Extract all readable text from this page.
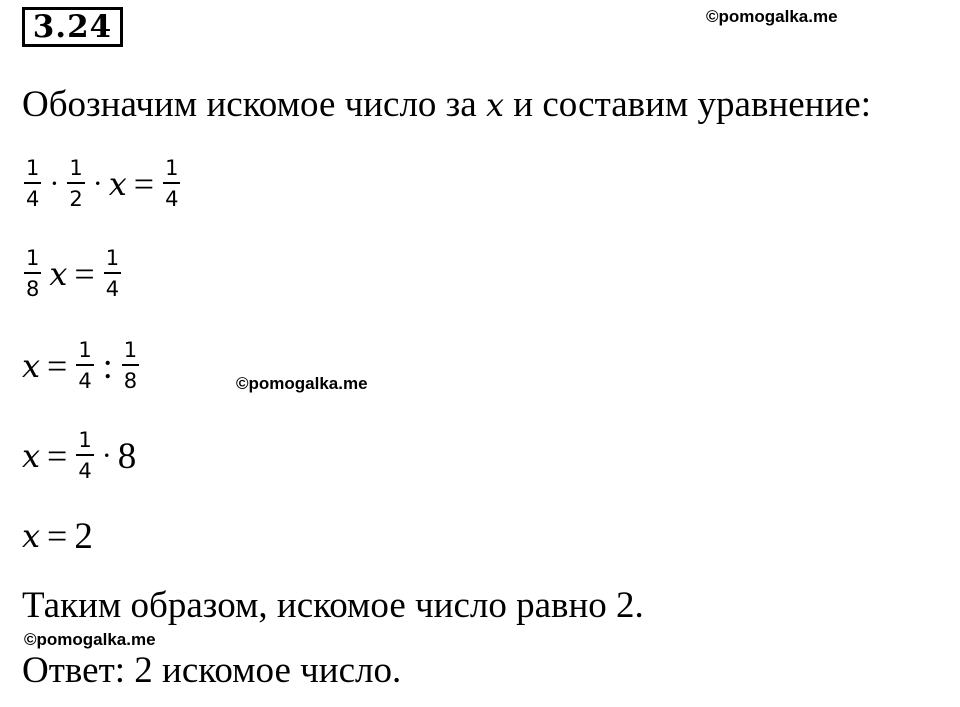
3.24	©pomogalka.me
Обозначим искомое число за x и составим уравнение:
$\frac{1}{4} \cdot \frac{1}{2} \cdot x = \frac{1}{4}$
$\frac{1}{8}$ $x = \frac{1}{4}$
$x = \frac{1}{4}$ : $\frac{1}{8}$	©pomogalka.me
$x = \frac{1}{4} \cdot 8$
x = 2
Таким образом, искомое число равно 2.
©pomogalka.me
Ответ: 2 искомое число.
